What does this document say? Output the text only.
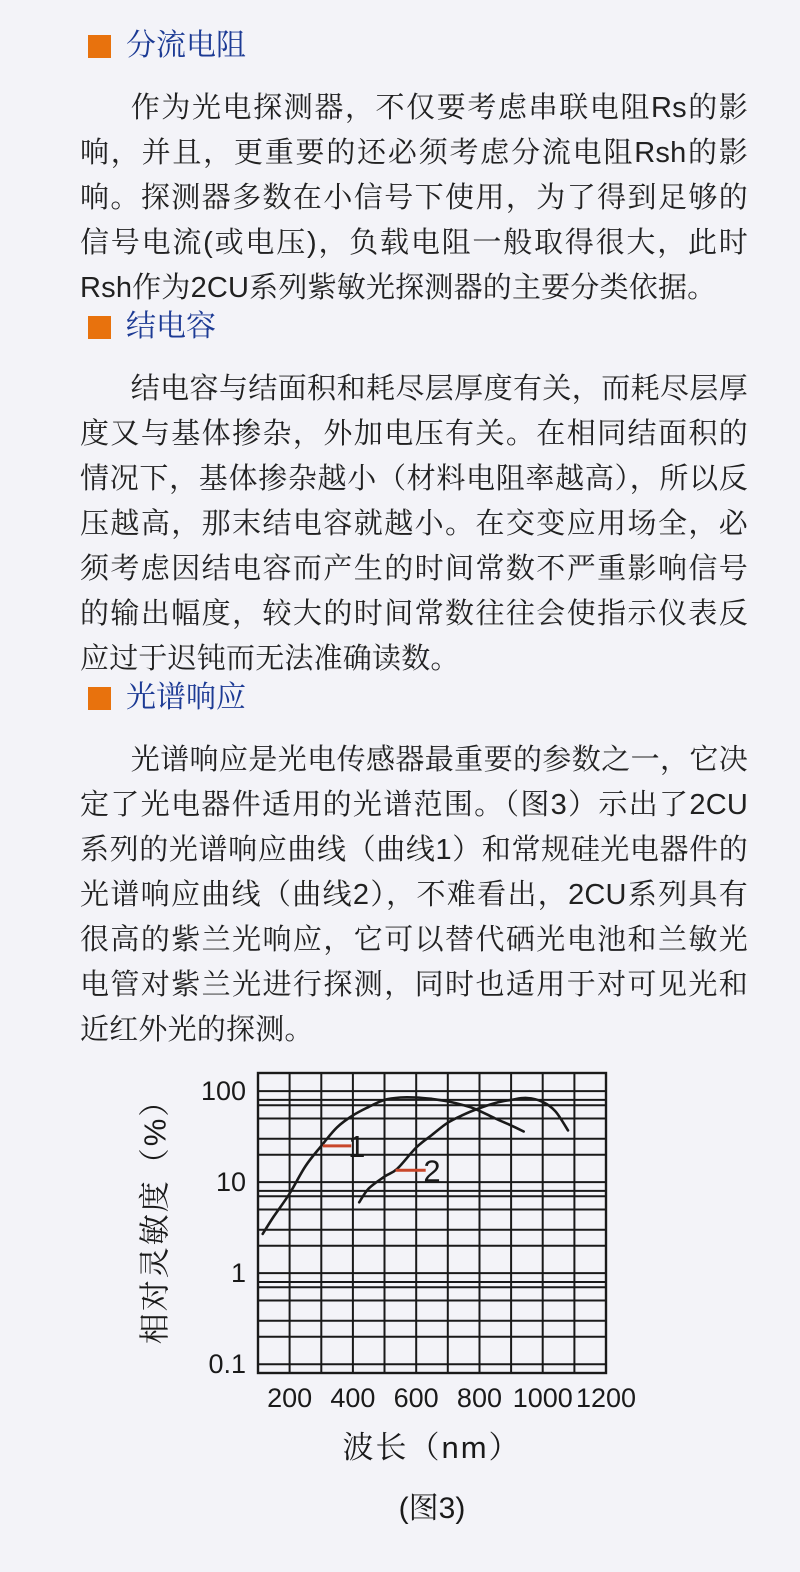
分流电阻

作为光电探测器，不仅要考虑串联电阻Rs的影响，并且，更重要的还必须考虑分流电阻Rsh的影响。探测器多数在小信号下使用，为了得到足够的信号电流(或电压)，负载电阻一般取得很大，此时Rsh作为2CU系列紫敏光探测器的主要分类依据。

结电容

结电容与结面积和耗尽层厚度有关，而耗尽层厚度又与基体掺杂，外加电压有关。在相同结面积的情况下，基体掺杂越小（材料电阻率越高），所以反压越高，那末结电容就越小。在交变应用场全，必须考虑因结电容而产生的时间常数不严重影响信号的输出幅度，较大的时间常数往往会使指示仪表反应过于迟钝而无法准确读数。

光谱响应

光谱响应是光电传感器最重要的参数之一，它决定了光电器件适用的光谱范围。（图3）示出了2CU系列的光谱响应曲线（曲线1）和常规硅光电器件的光谱响应曲线（曲线2），不难看出，2CU系列具有很高的紫兰光响应，它可以替代硒光电池和兰敏光电管对紫兰光进行探测，同时也适用于对可见光和近红外光的探测。

相对灵敏度（%） 100
10
1
0.1
200 400 600 800 1000 1200
1
2
波长（nm）
(图3)
